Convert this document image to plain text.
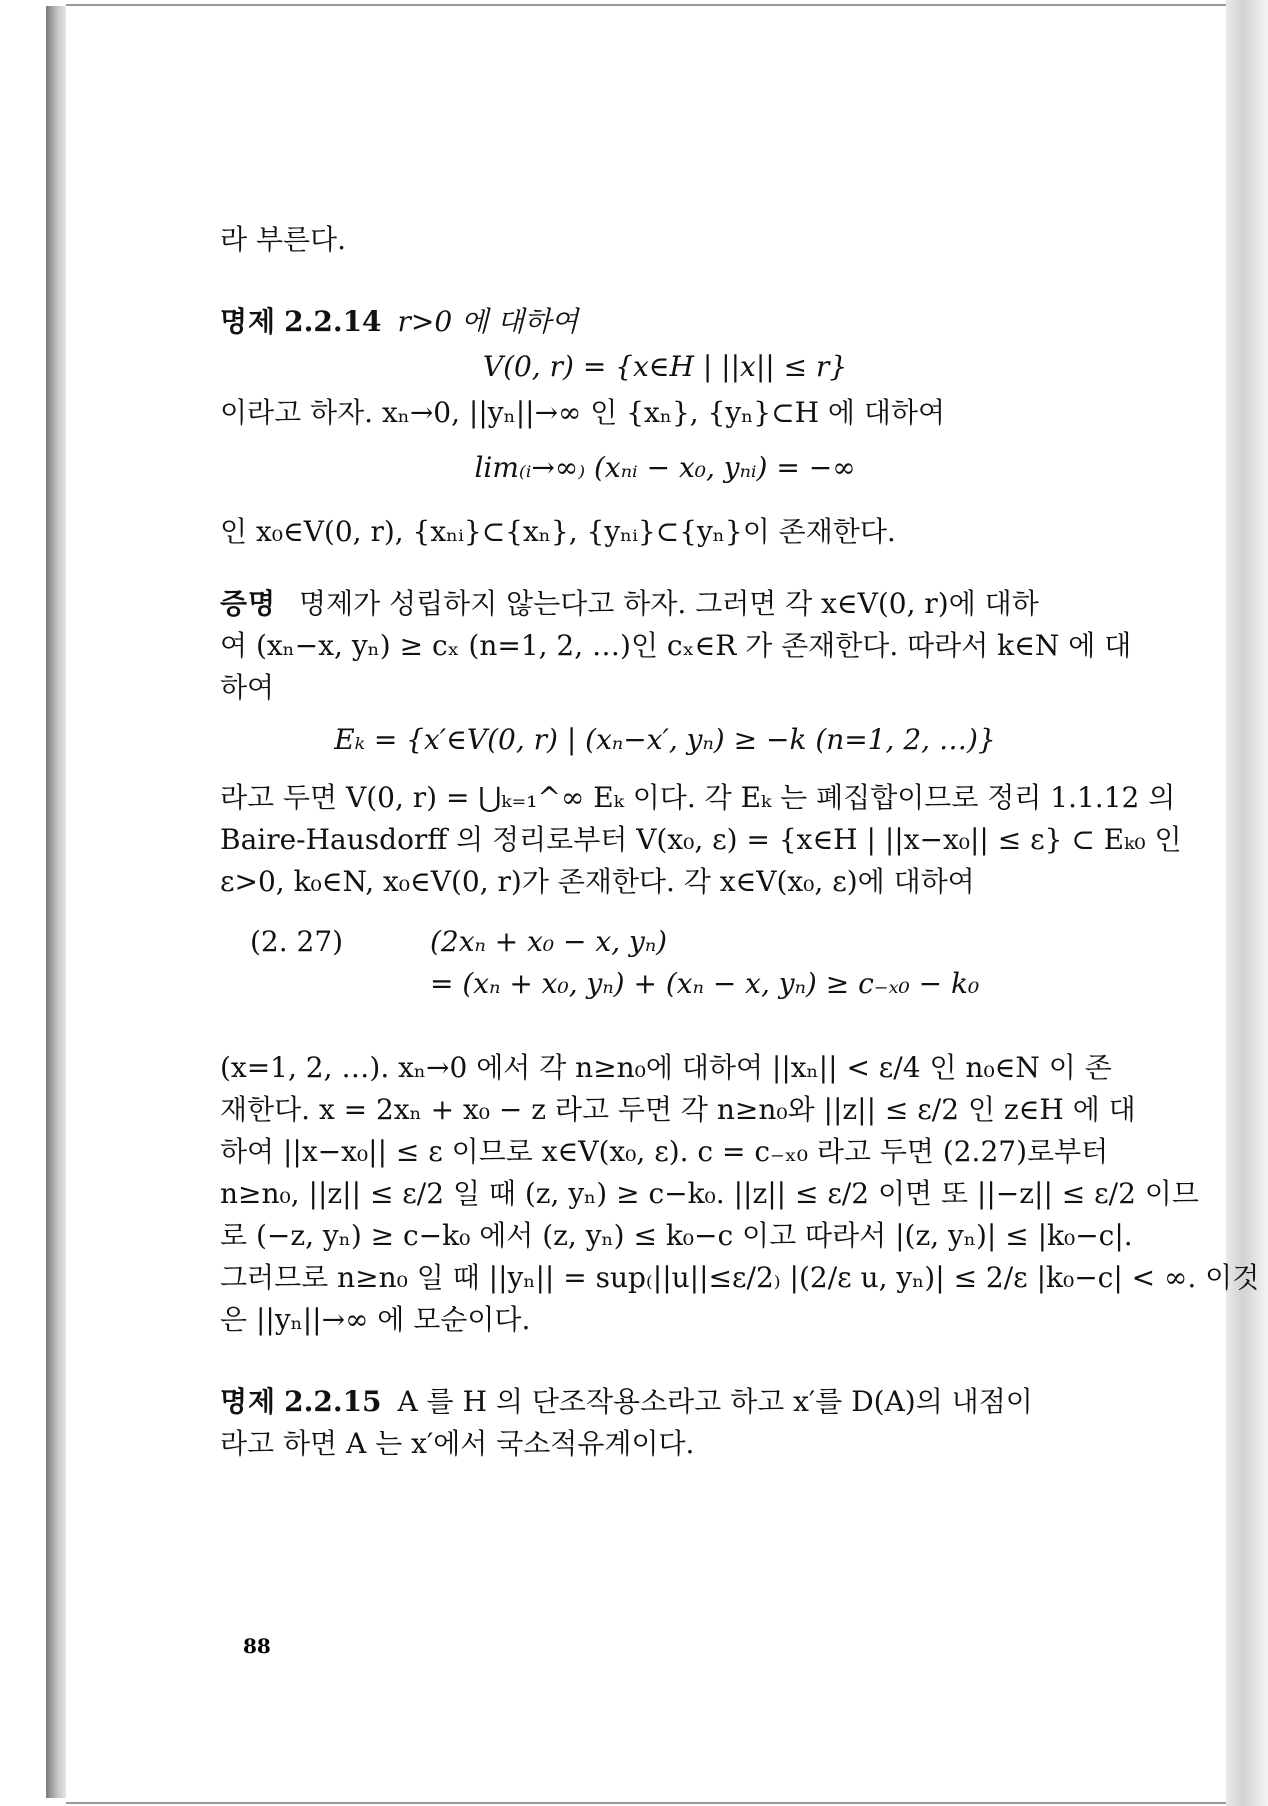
라 부른다.
명제 2.2.14 r>0 에 대하여
V(0, r) = {x∈H | ||x|| ≤ r}
이라고 하자. xₙ→0, ||yₙ||→∞ 인 {xₙ}, {yₙ}⊂H 에 대하여
lim₍ᵢ→∞₎ (xₙᵢ − x₀, yₙᵢ) = −∞
인 x₀∈V(0, r), {xₙᵢ}⊂{xₙ}, {yₙᵢ}⊂{yₙ}이 존재한다.
증명 명제가 성립하지 않는다고 하자. 그러면 각 x∈V(0, r)에 대하
여 (xₙ−x, yₙ) ≥ cₓ (n=1, 2, …)인 cₓ∈R 가 존재한다. 따라서 k∈N 에 대
하여
Eₖ = {x′∈V(0, r) | (xₙ−x′, yₙ) ≥ −k (n=1, 2, …)}
라고 두면 V(0, r) = ⋃ₖ₌₁^∞ Eₖ 이다. 각 Eₖ 는 폐집합이므로 정리 1.1.12 의
Baire-Hausdorff 의 정리로부터 V(x₀, ε) = {x∈H | ||x−x₀|| ≤ ε} ⊂ Eₖ₀ 인
ε>0, k₀∈N, x₀∈V(0, r)가 존재한다. 각 x∈V(x₀, ε)에 대하여
(2. 27)	(2xₙ + x₀ − x, yₙ)
= (xₙ + x₀, yₙ) + (xₙ − x, yₙ) ≥ c₋ₓ₀ − k₀
(x=1, 2, …). xₙ→0 에서 각 n≥n₀에 대하여 ||xₙ|| < ε/4 인 n₀∈N 이 존
재한다. x = 2xₙ + x₀ − z 라고 두면 각 n≥n₀와 ||z|| ≤ ε/2 인 z∈H 에 대
하여 ||x−x₀|| ≤ ε 이므로 x∈V(x₀, ε). c = c₋ₓ₀ 라고 두면 (2.27)로부터
n≥n₀, ||z|| ≤ ε/2 일 때 (z, yₙ) ≥ c−k₀. ||z|| ≤ ε/2 이면 또 ||−z|| ≤ ε/2 이므
로 (−z, yₙ) ≥ c−k₀ 에서 (z, yₙ) ≤ k₀−c 이고 따라서 |(z, yₙ)| ≤ |k₀−c|.
그러므로 n≥n₀ 일 때 ||yₙ|| = sup₍||u||≤ε/2₎ |(2/ε u, yₙ)| ≤ 2/ε |k₀−c| < ∞. 이것
은 ||yₙ||→∞ 에 모순이다.
명제 2.2.15 A 를 H 의 단조작용소라고 하고 x′를 D(A)의 내점이
라고 하면 A 는 x′에서 국소적유계이다.
88
